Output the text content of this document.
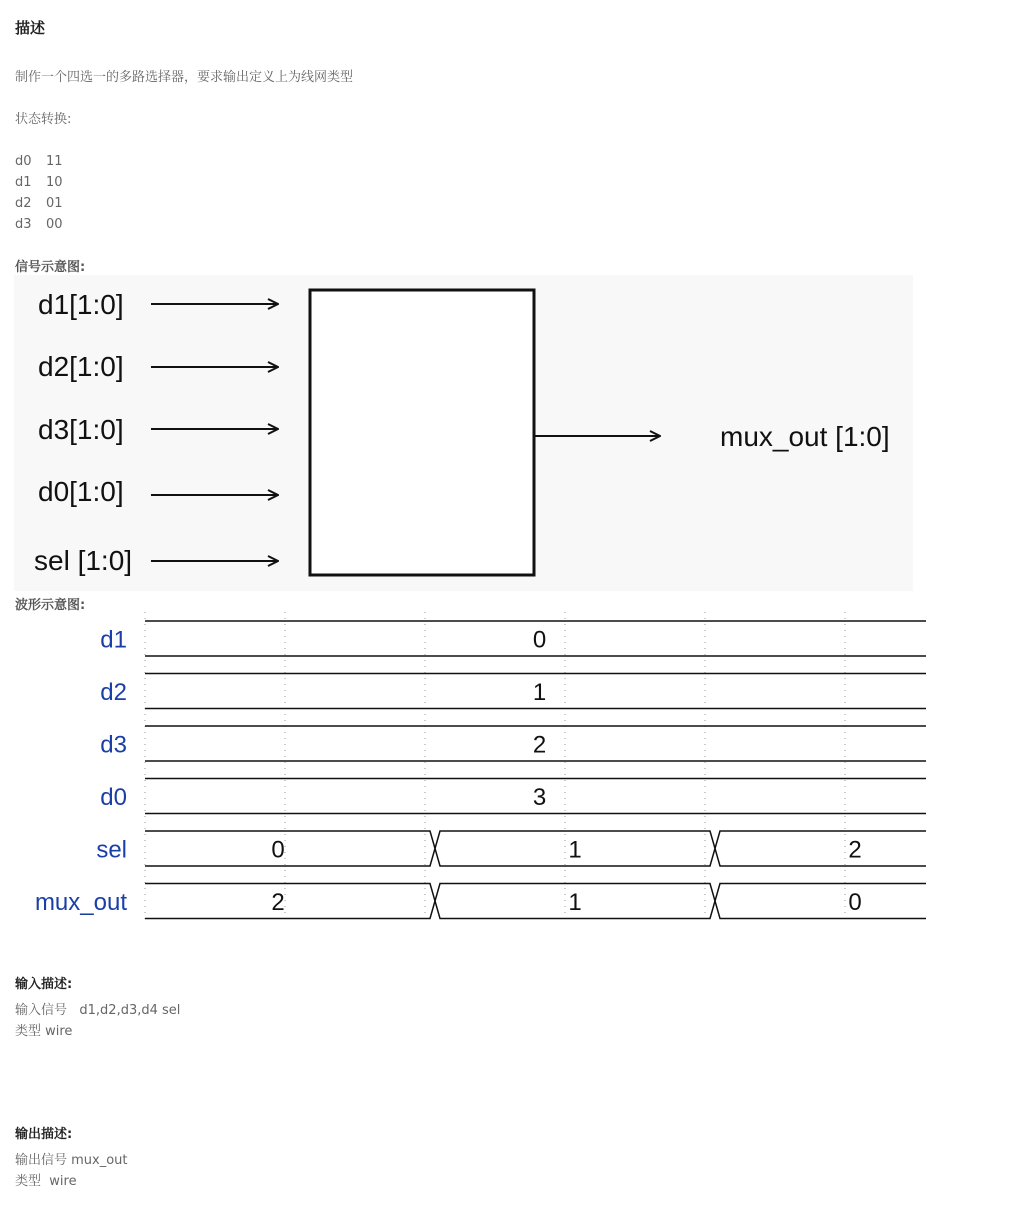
描述
制作一个四选一的多路选择器，要求输出定义上为线网类型
状态转换:
d0 11
d1 10
d2 01
d3 00
信号示意图:
d1[1:0]
d2[1:0]
d3[1:0]
d0[1:0]
sel [1:0]
mux_out [1:0]
波形示意图:
d1	0
d2	1
d3	2
d0	3
sel	0	1	2
mux_out	2	1	0
输入描述:
输入信号   d1,d2,d3,d4 sel
类型 wire
输出描述:
输出信号 mux_out
类型  wire
